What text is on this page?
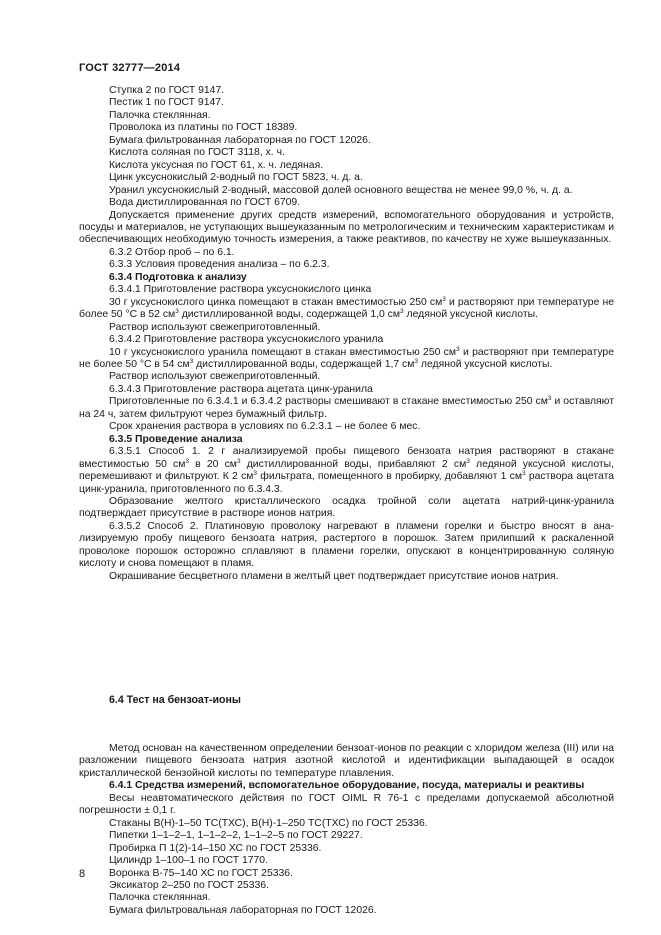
ГОСТ 32777—2014

Ступка 2 по ГОСТ 9147.

Пестик 1 по ГОСТ 9147.

Палочка стеклянная.

Проволока из платины по ГОСТ 18389.

Бумага фильтрованная лабораторная по ГОСТ 12026.

Кислота соляная по ГОСТ 3118, х. ч.

Кислота уксусная по ГОСТ 61, х. ч. ледяная.

Цинк уксуснокислый 2-водный по ГОСТ 5823, ч. д. а.

Уранил уксуснокислый 2-водный, массовой долей основного вещества не менее 99,0 %, ч. д. а.

Вода дистиллированная по ГОСТ 6709.

Допускается применение других средств измерений, вспомогательного оборудования и устройств, посуды и материалов, не уступающих вышеуказанным по метрологическим и техническим характеристикам и обеспечивающих необходимую точность измерения, а также реактивов, по качеству не хуже вышеуказанных.

6.3.2 Отбор проб – по 6.1.

6.3.3 Условия проведения анализа – по 6.2.3.

6.3.4 Подготовка к анализу

6.3.4.1 Приготовление раствора уксуснокислого цинка

30 г уксуснокислого цинка помещают в стакан вместимостью 250 $см^3$ и растворяют при температуре не более 50 °С в 52 $см^3$ дистиллированной воды, содержащей 1,0 $см^3$ ледяной уксусной кислоты.

Раствор используют свежеприготовленный.

6.3.4.2 Приготовление раствора уксуснокислого уранила

10 г уксуснокислого уранила помещают в стакан вместимостью 250 $см^3$ и растворяют при температуре не более 50 °С в 54 $см^3$ дистиллированной воды, содержащей 1,7 $см^3$ ледяной уксусной кислоты.

Раствор используют свежеприготовленный.

6.3.4.3 Приготовление раствора ацетата цинк-уранила

Приготовленные по 6.3.4.1 и 6.3.4.2 растворы смешивают в стакане вместимостью 250 $см^3$ и оставляют на 24 ч, затем фильтруют через бумажный фильтр.

Срок хранения раствора в условиях по 6.2.3.1 – не более 6 мес.

6.3.5 Проведение анализа

6.3.5.1 Способ 1. 2 г анализируемой пробы пищевого бензоата натрия растворяют в стакане вместимостью 50 $см^3$ в 20 $см^3$ дистиллированной воды, прибавляют 2 $см^3$ ледяной уксусной кислоты, перемешивают и фильтруют. К 2 $см^3$ фильтрата, помещенного в пробирку, добавляют 1 $см^3$ раствора ацетата цинк-уранила, приготовленного по 6.3.4.3.

Образование желтого кристаллического осадка тройной соли ацетата натрий-цинк-уранила подтверждает присутствие в растворе ионов натрия.

6.3.5.2 Способ 2. Платиновую проволоку нагревают в пламени горелки и быстро вносят в анализируемую пробу пищевого бензоата натрия, растертого в порошок. Затем прилипший к раскаленной проволоке порошок осторожно сплавляют в пламени горелки, опускают в концентрированную соляную кислоту и снова помещают в пламя.

Окрашивание бесцветного пламени в желтый цвет подтверждает присутствие ионов натрия.

6.4 Тест на бензоат-ионы

Метод основан на качественном определении бензоат-ионов по реакции с хлоридом железа (III) или на разложении пищевого бензоата натрия азотной кислотой и идентификации выпадающей в осадок кристаллической бензойной кислоты по температуре плавления.

6.4.1 Средства измерений, вспомогательное оборудование, посуда, материалы и реактивы

Весы неавтоматического действия по ГОСТ OIML R 76-1 с пределами допускаемой абсолютной погрешности ± 0,1 г.

Стаканы В(Н)-1–50 ТС(ТХС), В(Н)-1–250 ТС(ТХС) по ГОСТ 25336.

Пипетки 1–1–2–1, 1–1–2–2, 1–1–2–5 по ГОСТ 29227.

Пробирка П 1(2)-14–150 ХС по ГОСТ 25336.

Цилиндр 1–100–1 по ГОСТ 1770.

Воронка В-75–140 ХС по ГОСТ 25336.

Эксикатор 2–250 по ГОСТ 25336.

Палочка стеклянная.

Бумага фильтровальная лабораторная по ГОСТ 12026.

8
